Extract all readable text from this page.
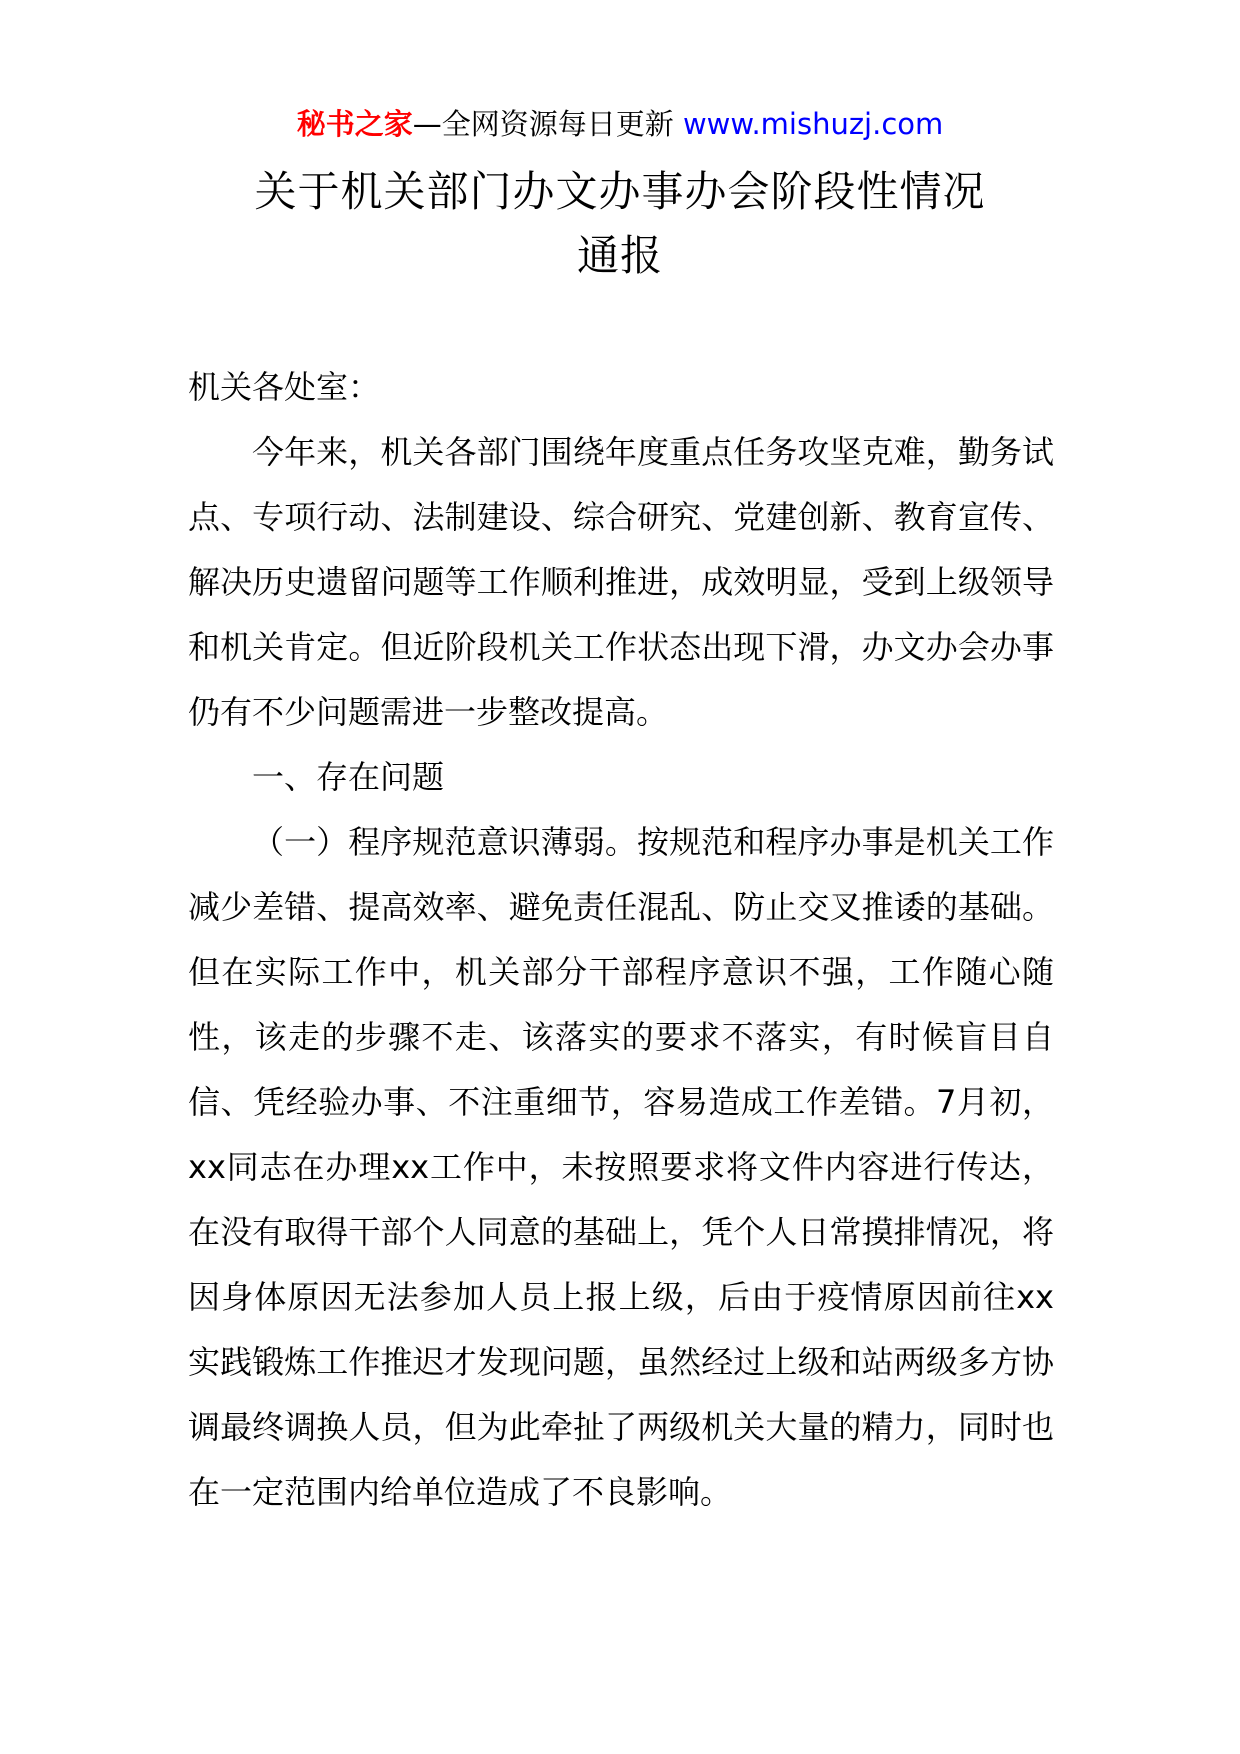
秘书之家—全网资源每日更新 www.mishuzj.com
关于机关部门办文办事办会阶段性情况
通报

机关各处室：

今年来，机关各部门围绕年度重点任务攻坚克难，勤务试点、专项行动、法制建设、综合研究、党建创新、教育宣传、解决历史遗留问题等工作顺利推进，成效明显，受到上级领导和机关肯定。但近阶段机关工作状态出现下滑，办文办会办事仍有不少问题需进一步整改提高。

一、存在问题

（一）程序规范意识薄弱。按规范和程序办事是机关工作减少差错、提高效率、避免责任混乱、防止交叉推诿的基础。但在实际工作中，机关部分干部程序意识不强，工作随心随性，该走的步骤不走、该落实的要求不落实，有时候盲目自信、凭经验办事、不注重细节，容易造成工作差错。7月初，xx同志在办理xx工作中，未按照要求将文件内容进行传达，在没有取得干部个人同意的基础上，凭个人日常摸排情况，将因身体原因无法参加人员上报上级，后由于疫情原因前往xx实践锻炼工作推迟才发现问题，虽然经过上级和站两级多方协调最终调换人员，但为此牵扯了两级机关大量的精力，同时也在一定范围内给单位造成了不良影响。
